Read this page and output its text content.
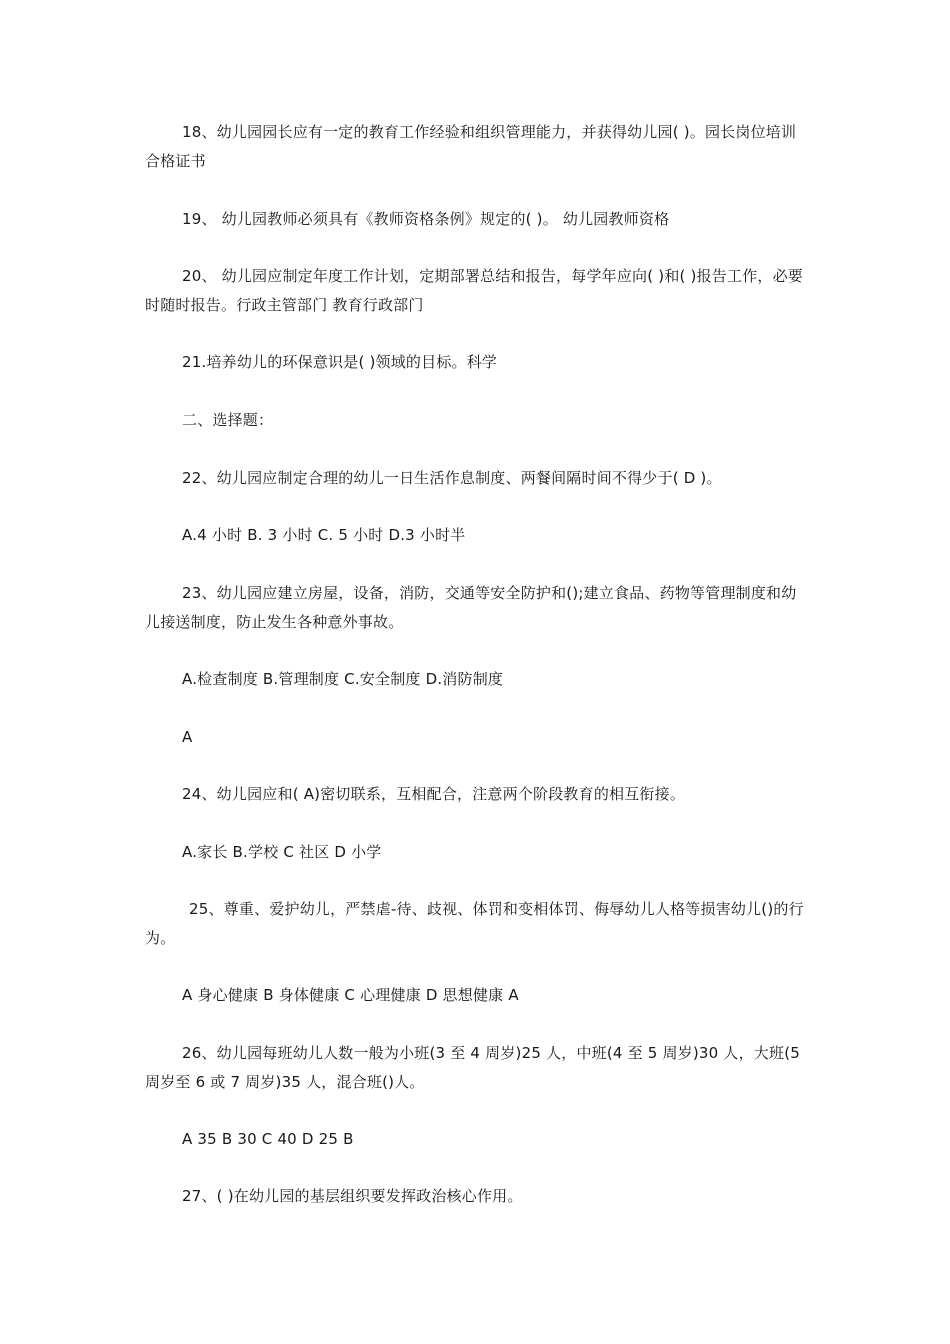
18、幼儿园园长应有一定的教育工作经验和组织管理能力，并获得幼儿园( )。园长岗位培训合格证书

19、 幼儿园教师必须具有《教师资格条例》规定的( )。 幼儿园教师资格

20、 幼儿园应制定年度工作计划，定期部署总结和报告，每学年应向( )和( )报告工作，必要时随时报告。行政主管部门 教育行政部门

21.培养幼儿的环保意识是( )领域的目标。科学

二、选择题：

22、幼儿园应制定合理的幼儿一日生活作息制度、两餐间隔时间不得少于( D )。

A.4 小时 B. 3 小时 C. 5 小时 D.3 小时半

23、幼儿园应建立房屋，设备，消防，交通等安全防护和();建立食品、药物等管理制度和幼儿接送制度，防止发生各种意外事故。

A.检查制度 B.管理制度 C.安全制度 D.消防制度

A

24、幼儿园应和( A)密切联系，互相配合，注意两个阶段教育的相互衔接。

A.家长 B.学校 C 社区 D 小学

25、尊重、爱护幼儿，严禁虐-待、歧视、体罚和变相体罚、侮辱幼儿人格等损害幼儿()的行为。

A 身心健康 B 身体健康 C 心理健康 D 思想健康 A

26、幼儿园每班幼儿人数一般为小班(3 至 4 周岁)25 人，中班(4 至 5 周岁)30 人，大班(5 周岁至 6 或 7 周岁)35 人，混合班()人。

A 35 B 30 C 40 D 25 B

27、( )在幼儿园的基层组织要发挥政治核心作用。
